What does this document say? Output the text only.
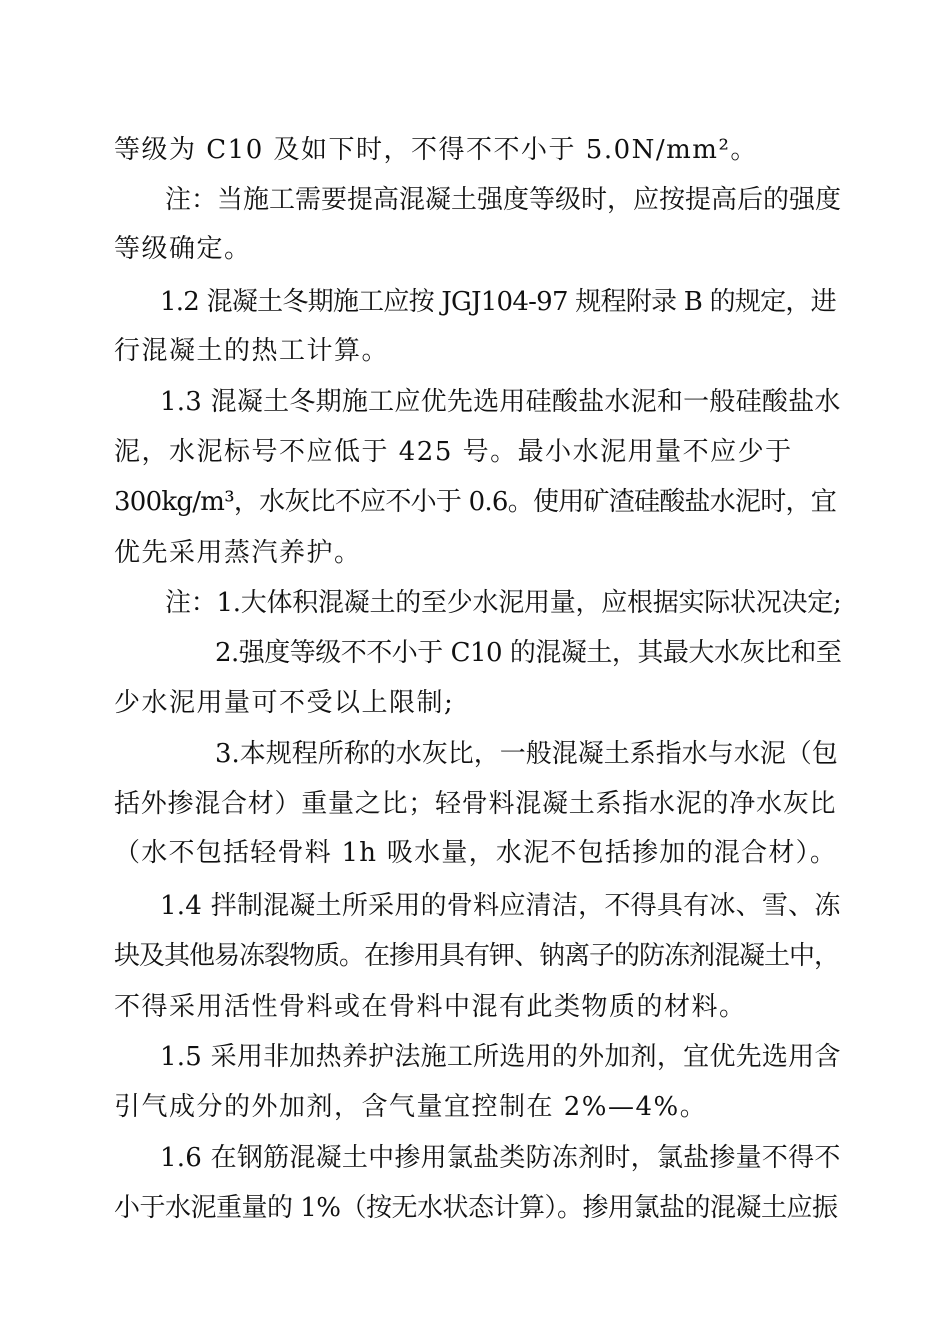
等级为 C10 及如下时，不得不不小于 5.0N/mm²。
注：当施工需要提高混凝土强度等级时，应按提高后的强度
等级确定。
1.2 混凝土冬期施工应按 JGJ104-97 规程附录 B 的规定，进
行混凝土的热工计算。
1.3 混凝土冬期施工应优先选用硅酸盐水泥和一般硅酸盐水
泥，水泥标号不应低于 425 号。最小水泥用量不应少于
300kg/m³，水灰比不应不小于 0.6。使用矿渣硅酸盐水泥时，宜
优先采用蒸汽养护。
注：1.大体积混凝土的至少水泥用量，应根据实际状况决定;
2.强度等级不不小于 C10 的混凝土，其最大水灰比和至
少水泥用量可不受以上限制;
3.本规程所称的水灰比，一般混凝土系指水与水泥（包
括外掺混合材）重量之比；轻骨料混凝土系指水泥的净水灰比
（水不包括轻骨料 1h 吸水量，水泥不包括掺加的混合材）。
1.4 拌制混凝土所采用的骨料应清洁，不得具有冰、雪、冻
块及其他易冻裂物质。在掺用具有钾、钠离子的防冻剂混凝土中，
不得采用活性骨料或在骨料中混有此类物质的材料。
1.5 采用非加热养护法施工所选用的外加剂，宜优先选用含
引气成分的外加剂，含气量宜控制在 2%—4%。
1.6 在钢筋混凝土中掺用氯盐类防冻剂时，氯盐掺量不得不
小于水泥重量的 1%（按无水状态计算）。掺用氯盐的混凝土应振
